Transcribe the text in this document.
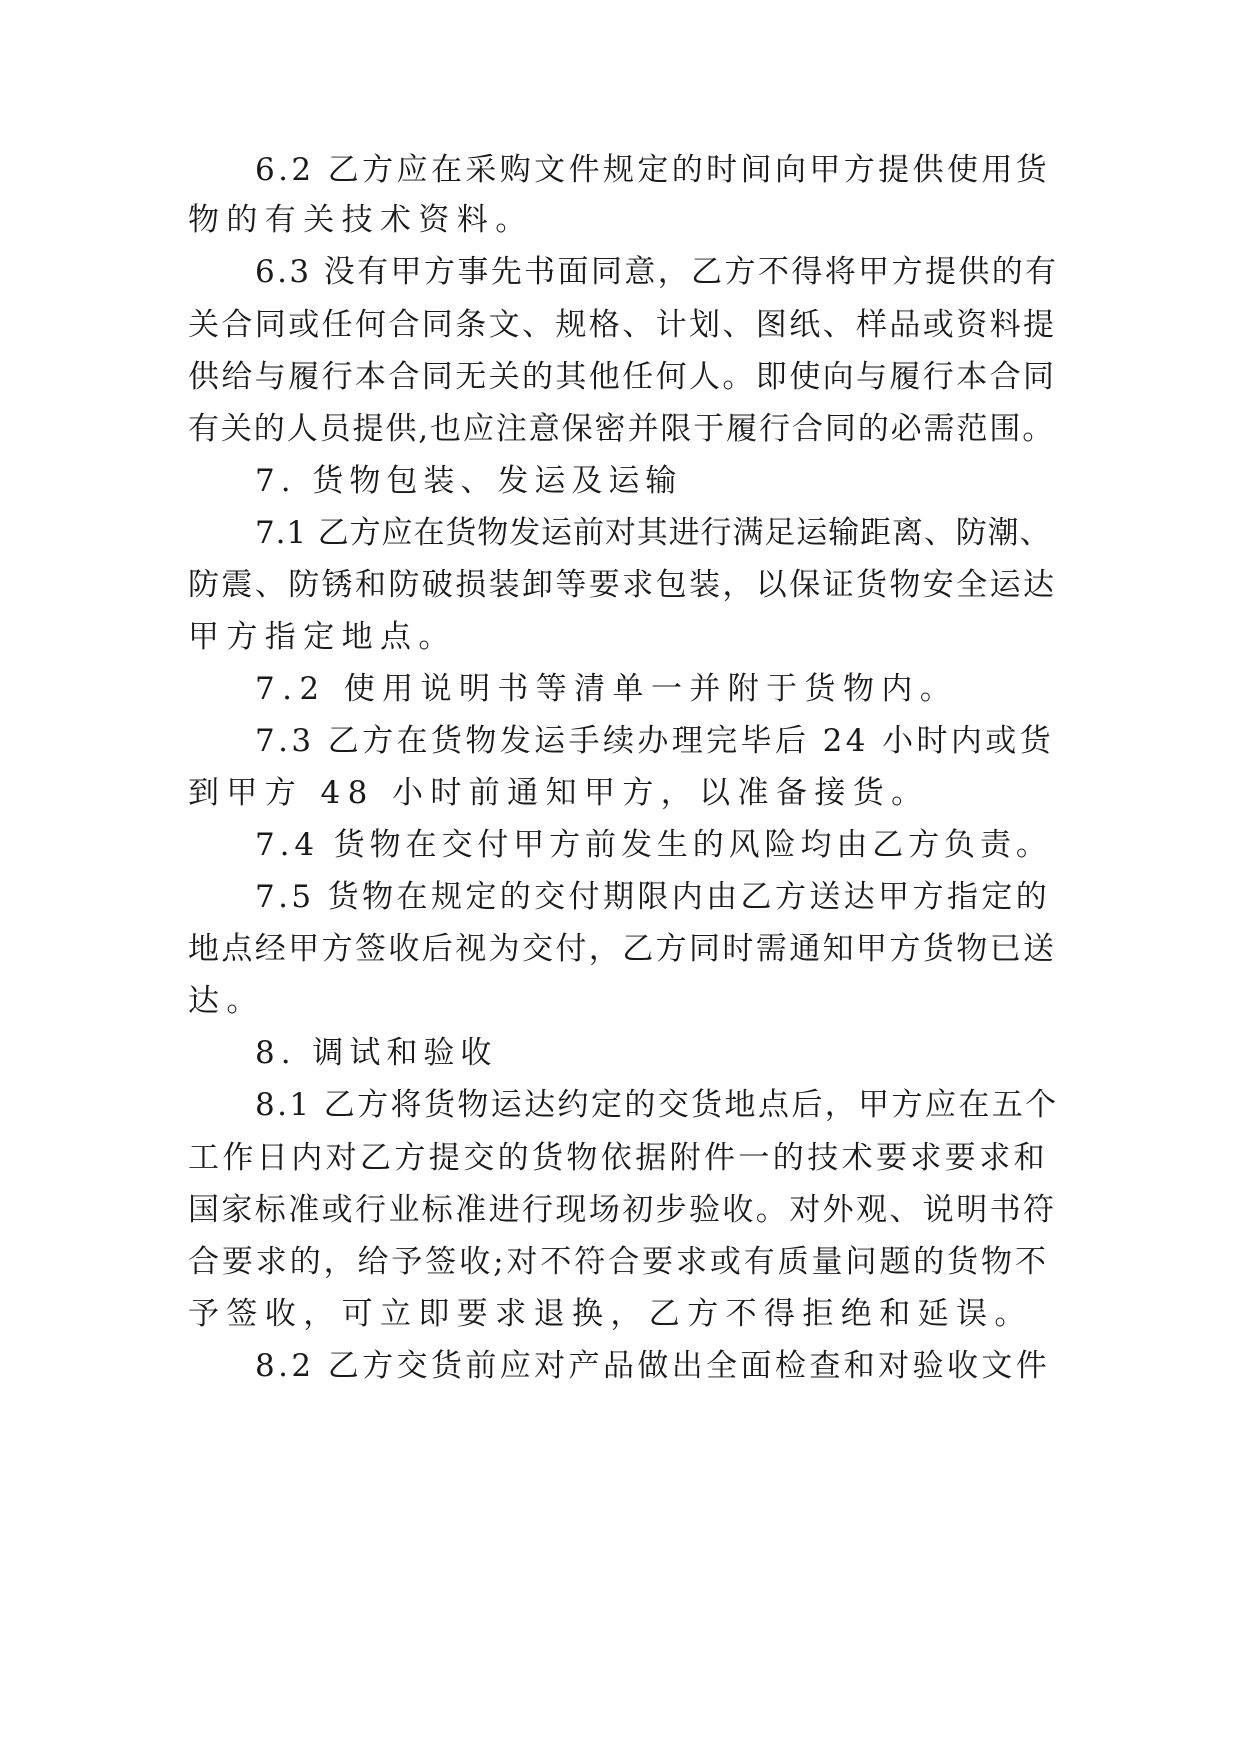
6.2 乙方应在采购文件规定的时间向甲方提供使用货
物的有关技术资料。
6.3 没有甲方事先书面同意，乙方不得将甲方提供的有
关合同或任何合同条文、规格、计划、图纸、样品或资料提
供给与履行本合同无关的其他任何人。即使向与履行本合同
有关的人员提供,也应注意保密并限于履行合同的必需范围。
7. 货物包装、发运及运输
7.1 乙方应在货物发运前对其进行满足运输距离、防潮、
防震、防锈和防破损装卸等要求包装，以保证货物安全运达
甲方指定地点。
7.2 使用说明书等清单一并附于货物内。
7.3 乙方在货物发运手续办理完毕后 24 小时内或货
到甲方 48 小时前通知甲方，以准备接货。
7.4 货物在交付甲方前发生的风险均由乙方负责。
7.5 货物在规定的交付期限内由乙方送达甲方指定的
地点经甲方签收后视为交付，乙方同时需通知甲方货物已送
达。
8. 调试和验收
8.1 乙方将货物运达约定的交货地点后，甲方应在五个
工作日内对乙方提交的货物依据附件一的技术要求要求和
国家标准或行业标准进行现场初步验收。对外观、说明书符
合要求的，给予签收;对不符合要求或有质量问题的货物不
予签收，可立即要求退换，乙方不得拒绝和延误。
8.2 乙方交货前应对产品做出全面检查和对验收文件
